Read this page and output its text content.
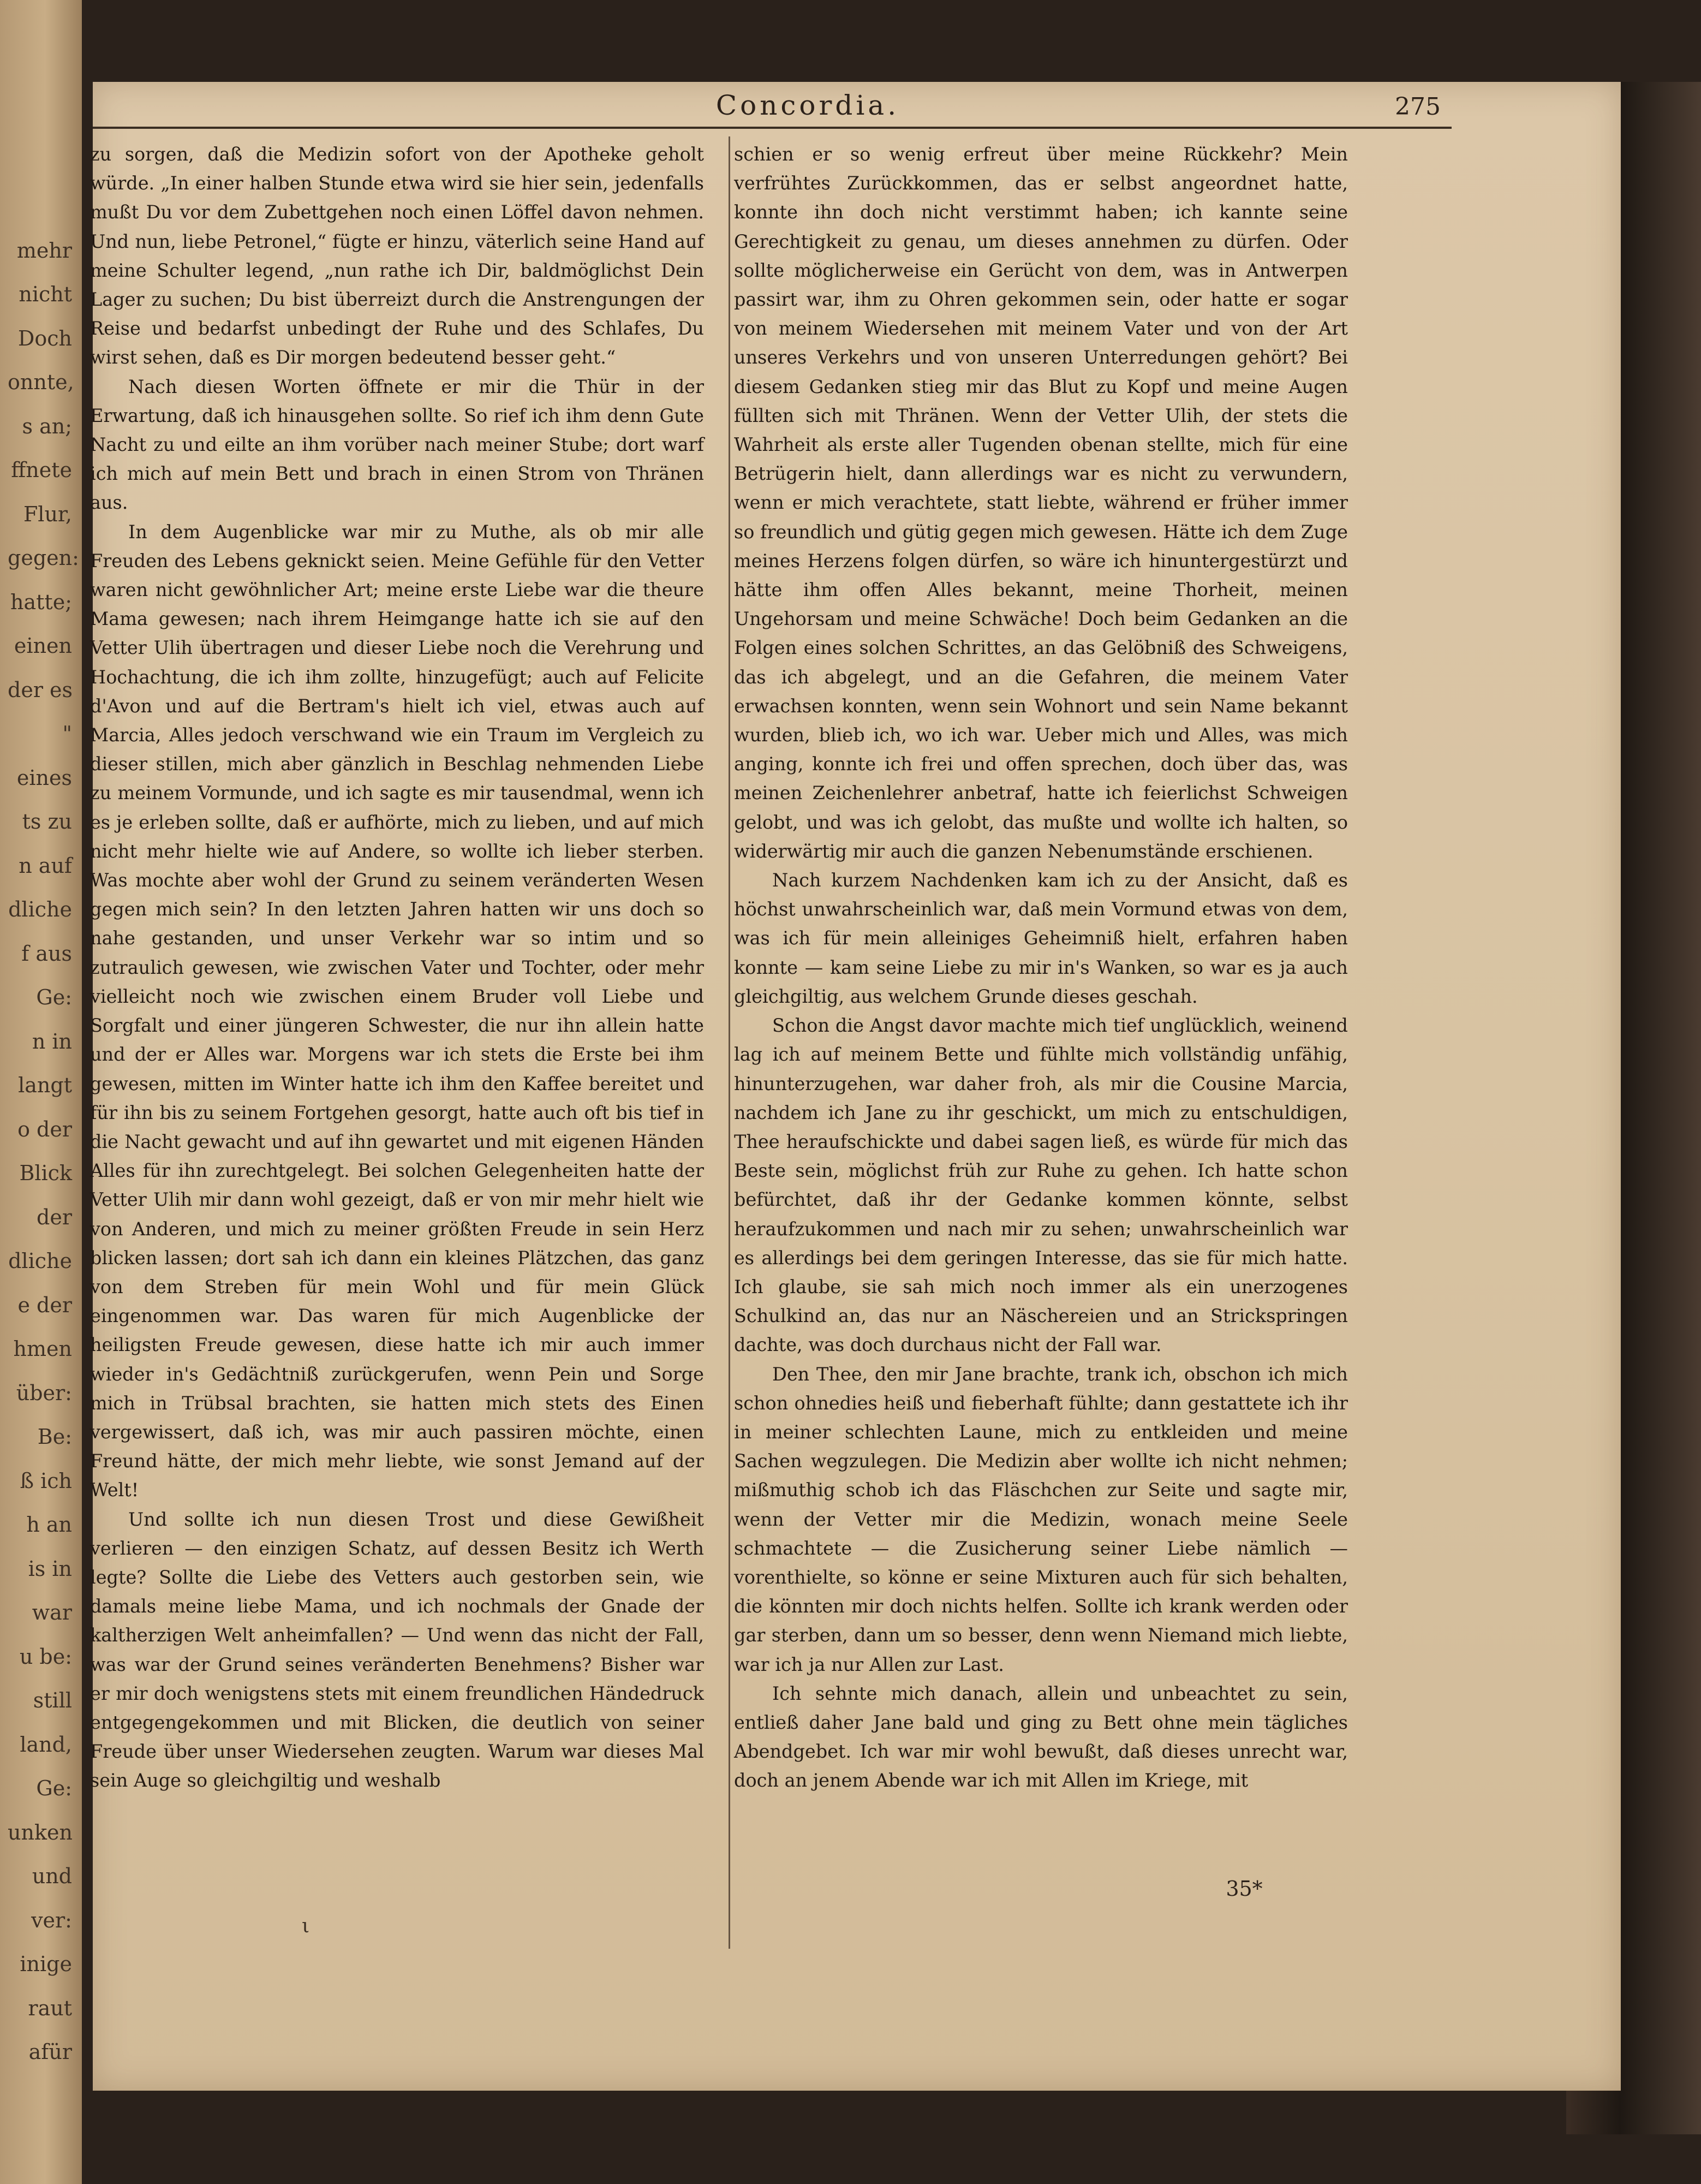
mehr
nicht
Doch
onnte,
s an;
ffnete
Flur,
gegen:
hatte;
einen
der es
"
eines
ts zu
n auf
dliche
f aus
Ge:
n in
langt
o der
Blick
der
dliche
e der
hmen
über:
Be:
ß ich
h an
is in
war
u be:
still
land,
Ge:
unken
und
ver:
inige
raut
afür
Concordia.	275

zu sorgen, daß die Medizin sofort von der Apotheke geholt würde. „In einer halben Stunde etwa wird sie hier sein, jedenfalls mußt Du vor dem Zubettgehen noch einen Löffel davon nehmen. Und nun, liebe Petronel,“ fügte er hinzu, väterlich seine Hand auf meine Schulter legend, „nun rathe ich Dir, baldmöglichst Dein Lager zu suchen; Du bist überreizt durch die Anstrengungen der Reise und bedarfst unbedingt der Ruhe und des Schlafes, Du wirst sehen, daß es Dir morgen bedeutend besser geht.“

Nach diesen Worten öffnete er mir die Thür in der Erwartung, daß ich hinausgehen sollte. So rief ich ihm denn Gute Nacht zu und eilte an ihm vorüber nach meiner Stube; dort warf ich mich auf mein Bett und brach in einen Strom von Thränen aus.

In dem Augenblicke war mir zu Muthe, als ob mir alle Freuden des Lebens geknickt seien. Meine Gefühle für den Vetter waren nicht gewöhnlicher Art; meine erste Liebe war die theure Mama gewesen; nach ihrem Heimgange hatte ich sie auf den Vetter Ulih übertragen und dieser Liebe noch die Verehrung und Hochachtung, die ich ihm zollte, hinzugefügt; auch auf Felicite d'Avon und auf die Bertram's hielt ich viel, etwas auch auf Marcia, Alles jedoch verschwand wie ein Traum im Vergleich zu dieser stillen, mich aber gänzlich in Beschlag nehmenden Liebe zu meinem Vormunde, und ich sagte es mir tausendmal, wenn ich es je erleben sollte, daß er aufhörte, mich zu lieben, und auf mich nicht mehr hielte wie auf Andere, so wollte ich lieber sterben. Was mochte aber wohl der Grund zu seinem veränderten Wesen gegen mich sein? In den letzten Jahren hatten wir uns doch so nahe gestanden, und unser Verkehr war so intim und so zutraulich gewesen, wie zwischen Vater und Tochter, oder mehr vielleicht noch wie zwischen einem Bruder voll Liebe und Sorgfalt und einer jüngeren Schwester, die nur ihn allein hatte und der er Alles war. Morgens war ich stets die Erste bei ihm gewesen, mitten im Winter hatte ich ihm den Kaffee bereitet und für ihn bis zu seinem Fortgehen gesorgt, hatte auch oft bis tief in die Nacht gewacht und auf ihn gewartet und mit eigenen Händen Alles für ihn zurechtgelegt. Bei solchen Gelegenheiten hatte der Vetter Ulih mir dann wohl gezeigt, daß er von mir mehr hielt wie von Anderen, und mich zu meiner größten Freude in sein Herz blicken lassen; dort sah ich dann ein kleines Plätzchen, das ganz von dem Streben für mein Wohl und für mein Glück eingenommen war. Das waren für mich Augenblicke der heiligsten Freude gewesen, diese hatte ich mir auch immer wieder in's Gedächtniß zurückgerufen, wenn Pein und Sorge mich in Trübsal brachten, sie hatten mich stets des Einen vergewissert, daß ich, was mir auch passiren möchte, einen Freund hätte, der mich mehr liebte, wie sonst Jemand auf der Welt!

Und sollte ich nun diesen Trost und diese Gewißheit verlieren — den einzigen Schatz, auf dessen Besitz ich Werth legte? Sollte die Liebe des Vetters auch gestorben sein, wie damals meine liebe Mama, und ich nochmals der Gnade der kaltherzigen Welt anheimfallen? — Und wenn das nicht der Fall, was war der Grund seines veränderten Benehmens? Bisher war er mir doch wenigstens stets mit einem freundlichen Händedruck entgegengekommen und mit Blicken, die deutlich von seiner Freude über unser Wiedersehen zeugten. Warum war dieses Mal sein Auge so gleichgiltig und weshalb

schien er so wenig erfreut über meine Rückkehr? Mein verfrühtes Zurückkommen, das er selbst angeordnet hatte, konnte ihn doch nicht verstimmt haben; ich kannte seine Gerechtigkeit zu genau, um dieses annehmen zu dürfen. Oder sollte möglicherweise ein Gerücht von dem, was in Antwerpen passirt war, ihm zu Ohren gekommen sein, oder hatte er sogar von meinem Wiedersehen mit meinem Vater und von der Art unseres Verkehrs und von unseren Unterredungen gehört? Bei diesem Gedanken stieg mir das Blut zu Kopf und meine Augen füllten sich mit Thränen. Wenn der Vetter Ulih, der stets die Wahrheit als erste aller Tugenden obenan stellte, mich für eine Betrügerin hielt, dann allerdings war es nicht zu verwundern, wenn er mich verachtete, statt liebte, während er früher immer so freundlich und gütig gegen mich gewesen. Hätte ich dem Zuge meines Herzens folgen dürfen, so wäre ich hinuntergestürzt und hätte ihm offen Alles bekannt, meine Thorheit, meinen Ungehorsam und meine Schwäche! Doch beim Gedanken an die Folgen eines solchen Schrittes, an das Gelöbniß des Schweigens, das ich abgelegt, und an die Gefahren, die meinem Vater erwachsen konnten, wenn sein Wohnort und sein Name bekannt wurden, blieb ich, wo ich war. Ueber mich und Alles, was mich anging, konnte ich frei und offen sprechen, doch über das, was meinen Zeichenlehrer anbetraf, hatte ich feierlichst Schweigen gelobt, und was ich gelobt, das mußte und wollte ich halten, so widerwärtig mir auch die ganzen Nebenumstände erschienen.

Nach kurzem Nachdenken kam ich zu der Ansicht, daß es höchst unwahrscheinlich war, daß mein Vormund etwas von dem, was ich für mein alleiniges Geheimniß hielt, erfahren haben konnte — kam seine Liebe zu mir in's Wanken, so war es ja auch gleichgiltig, aus welchem Grunde dieses geschah.

Schon die Angst davor machte mich tief unglücklich, weinend lag ich auf meinem Bette und fühlte mich vollständig unfähig, hinunterzugehen, war daher froh, als mir die Cousine Marcia, nachdem ich Jane zu ihr geschickt, um mich zu entschuldigen, Thee heraufschickte und dabei sagen ließ, es würde für mich das Beste sein, möglichst früh zur Ruhe zu gehen. Ich hatte schon befürchtet, daß ihr der Gedanke kommen könnte, selbst heraufzukommen und nach mir zu sehen; unwahrscheinlich war es allerdings bei dem geringen Interesse, das sie für mich hatte. Ich glaube, sie sah mich noch immer als ein unerzogenes Schulkind an, das nur an Näschereien und an Strickspringen dachte, was doch durchaus nicht der Fall war.

Den Thee, den mir Jane brachte, trank ich, obschon ich mich schon ohnedies heiß und fieberhaft fühlte; dann gestattete ich ihr in meiner schlechten Laune, mich zu entkleiden und meine Sachen wegzulegen. Die Medizin aber wollte ich nicht nehmen; mißmuthig schob ich das Fläschchen zur Seite und sagte mir, wenn der Vetter mir die Medizin, wonach meine Seele schmachtete — die Zusicherung seiner Liebe nämlich — vorenthielte, so könne er seine Mixturen auch für sich behalten, die könnten mir doch nichts helfen. Sollte ich krank werden oder gar sterben, dann um so besser, denn wenn Niemand mich liebte, war ich ja nur Allen zur Last.

Ich sehnte mich danach, allein und unbeachtet zu sein, entließ daher Jane bald und ging zu Bett ohne mein tägliches Abendgebet. Ich war mir wohl bewußt, daß dieses unrecht war, doch an jenem Abende war ich mit Allen im Kriege, mit

35*
ι
